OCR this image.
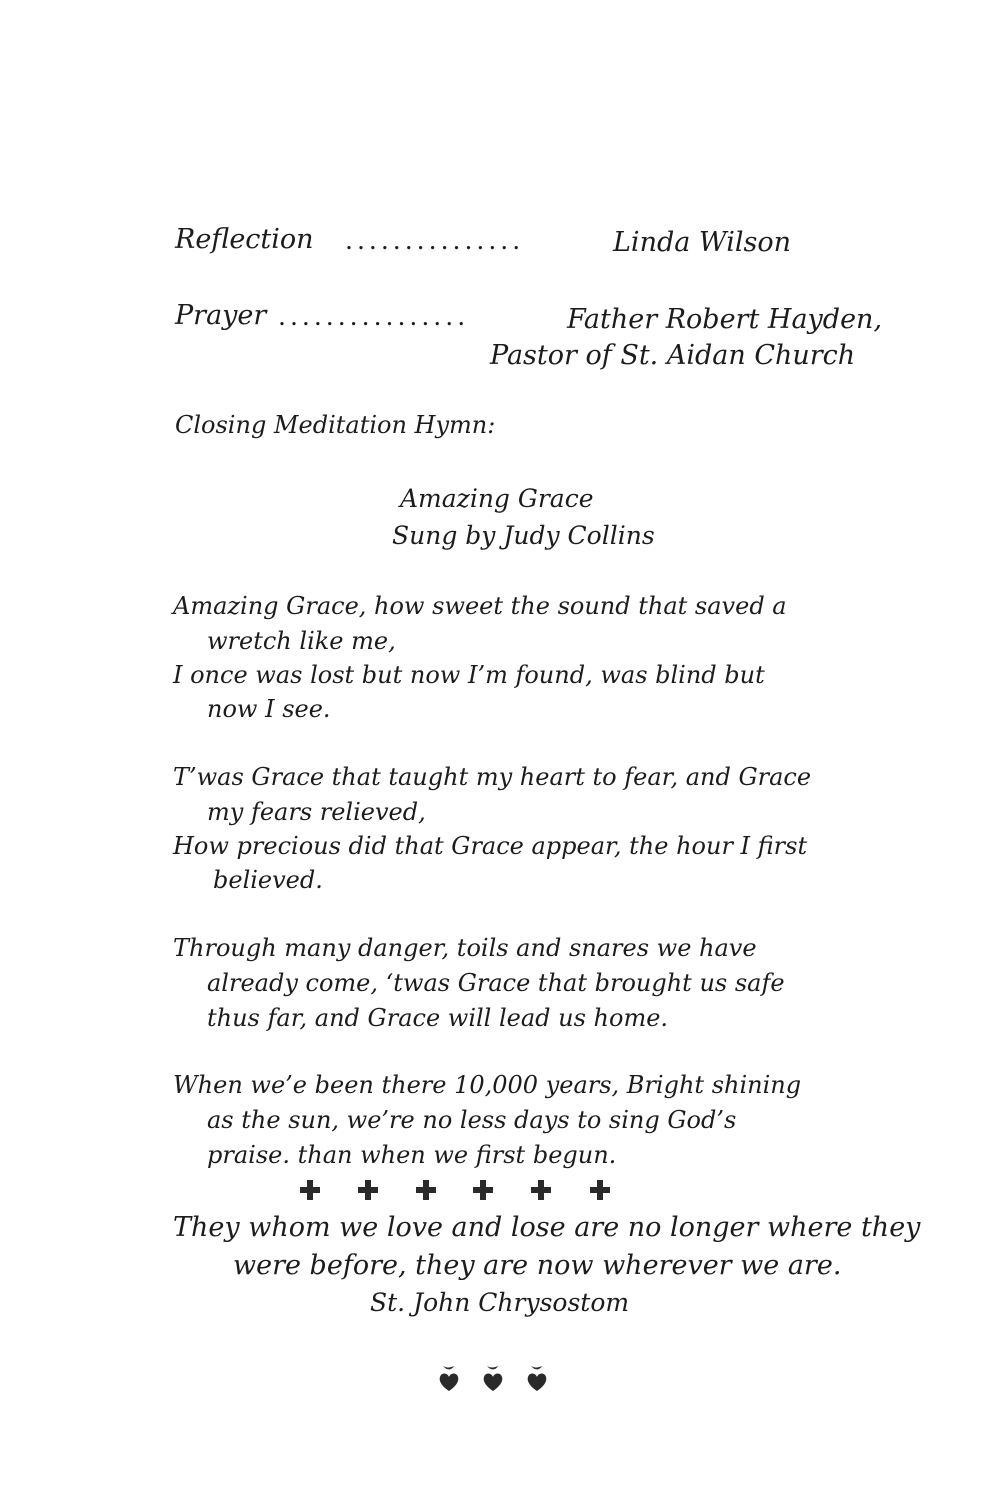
Reflection ...............	Linda Wilson
Prayer ................	Father Robert Hayden,
Pastor of St. Aidan Church
Closing Meditation Hymn:
Amazing Grace
Sung by Judy Collins
Amazing Grace, how sweet the sound that saved a
wretch like me,
I once was lost but now I’m found, was blind but
now I see.
T’was Grace that taught my heart to fear, and Grace
my fears relieved,
How precious did that Grace appear, the hour I first
believed.
Through many danger, toils and snares we have
already come, ‘twas Grace that brought us safe
thus far, and Grace will lead us home.
When we’e been there 10,000 years, Bright shining
as the sun, we’re no less days to sing God’s
praise. than when we first begun.
They whom we love and lose are no longer where they
were before, they are now wherever we are.
St. John Chrysostom
